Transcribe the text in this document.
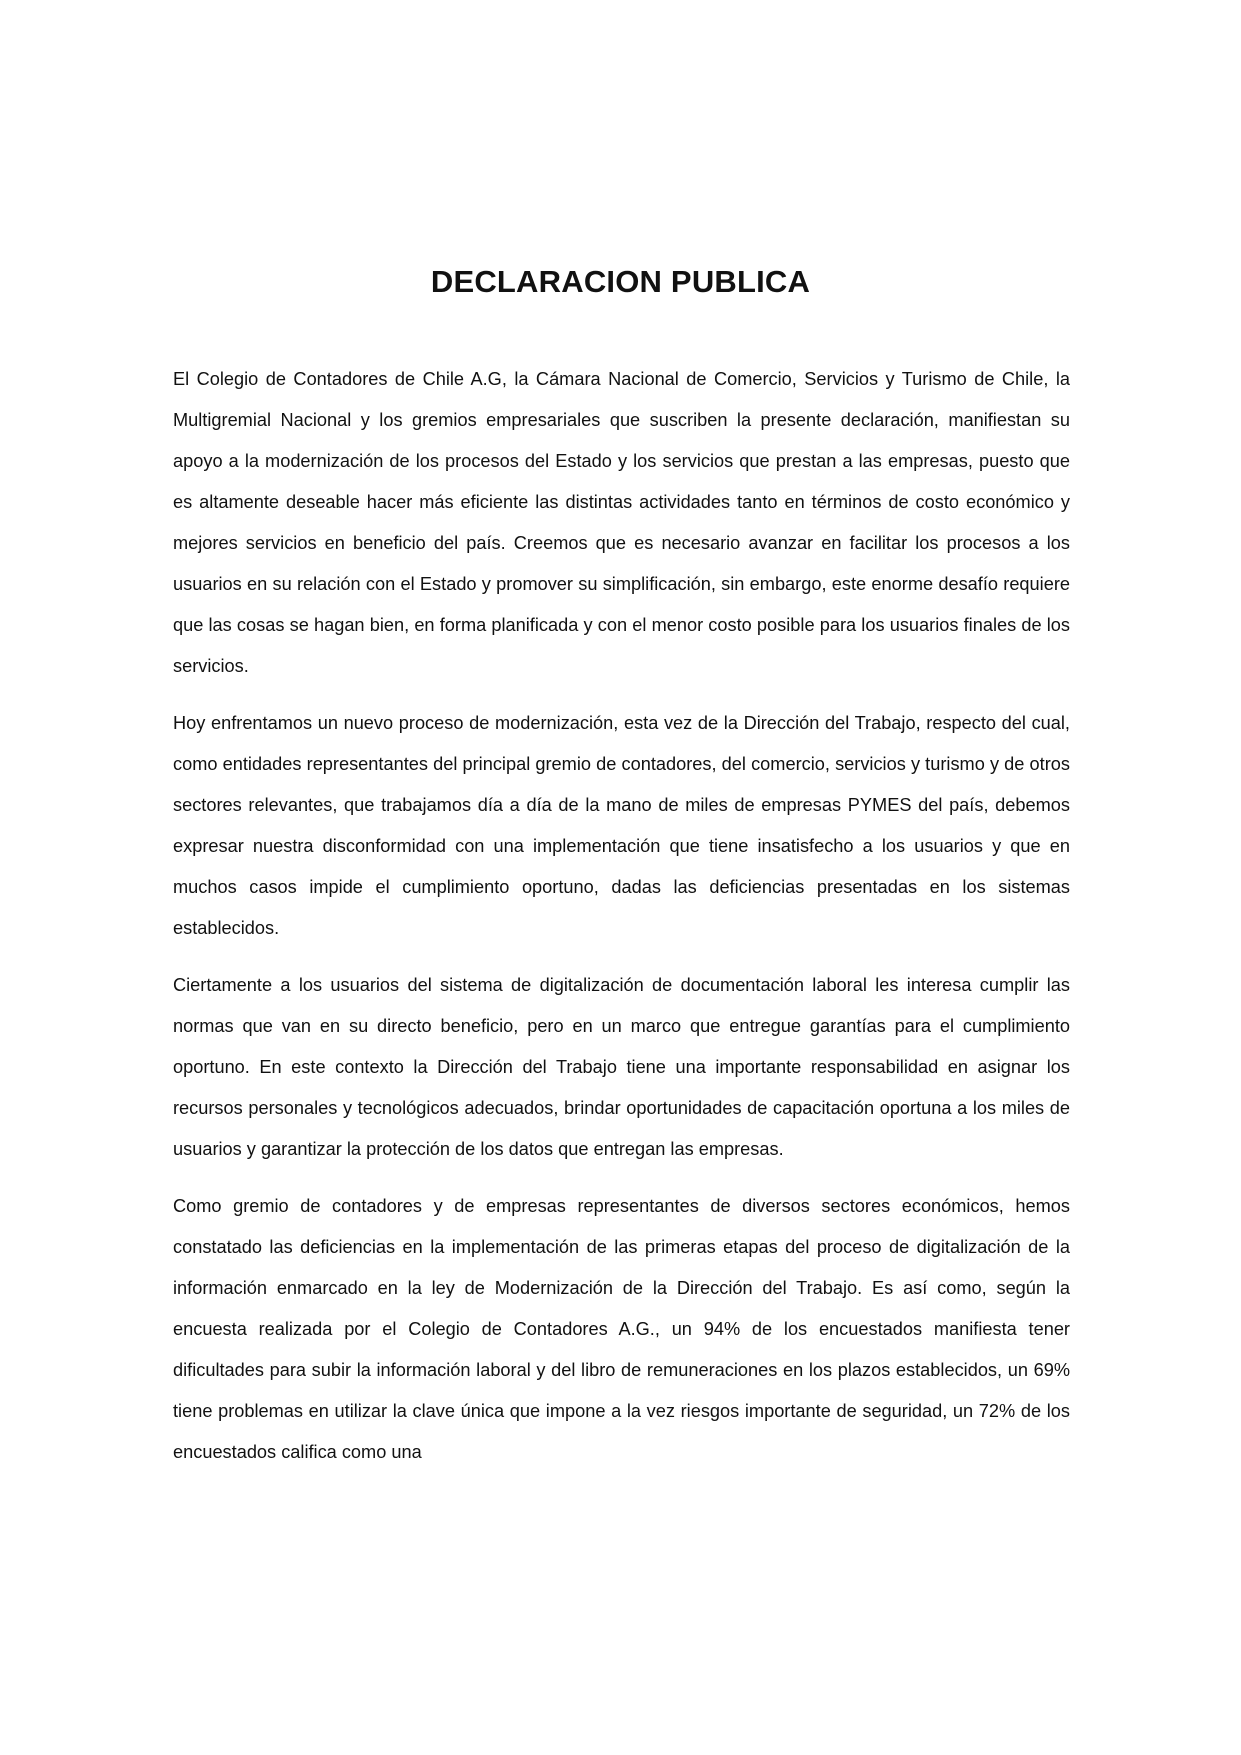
DECLARACION PUBLICA

El Colegio de Contadores de Chile A.G, la Cámara Nacional de Comercio, Servicios y Turismo de Chile, la Multigremial Nacional y los gremios empresariales que suscriben la presente declaración, manifiestan su apoyo a la modernización de los procesos del Estado y los servicios que prestan a las empresas, puesto que es altamente deseable hacer más eficiente las distintas actividades tanto en términos de costo económico y mejores servicios en beneficio del país. Creemos que es necesario avanzar en facilitar los procesos a los usuarios en su relación con el Estado y promover su simplificación, sin embargo, este enorme desafío requiere que las cosas se hagan bien, en forma planificada y con el menor costo posible para los usuarios finales de los servicios.

Hoy enfrentamos un nuevo proceso de modernización, esta vez de la Dirección del Trabajo, respecto del cual, como entidades representantes del principal gremio de contadores, del comercio, servicios y turismo y de otros sectores relevantes, que trabajamos día a día de la mano de miles de empresas PYMES del país, debemos expresar nuestra disconformidad con una implementación que tiene insatisfecho a los usuarios y que en muchos casos impide el cumplimiento oportuno, dadas las deficiencias presentadas en los sistemas establecidos.

Ciertamente a los usuarios del sistema de digitalización de documentación laboral les interesa cumplir las normas que van en su directo beneficio, pero en un marco que entregue garantías para el cumplimiento oportuno. En este contexto la Dirección del Trabajo tiene una importante responsabilidad en asignar los recursos personales y tecnológicos adecuados, brindar oportunidades de capacitación oportuna a los miles de usuarios y garantizar la protección de los datos que entregan las empresas.

Como gremio de contadores y de empresas representantes de diversos sectores económicos, hemos constatado las deficiencias en la implementación de las primeras etapas del proceso de digitalización de la información enmarcado en la ley de Modernización de la Dirección del Trabajo. Es así como, según la encuesta realizada por el Colegio de Contadores A.G., un 94% de los encuestados manifiesta tener dificultades para subir la información laboral y del libro de remuneraciones en los plazos establecidos, un 69% tiene problemas en utilizar la clave única que impone a la vez riesgos importante de seguridad, un 72% de los encuestados califica como una
